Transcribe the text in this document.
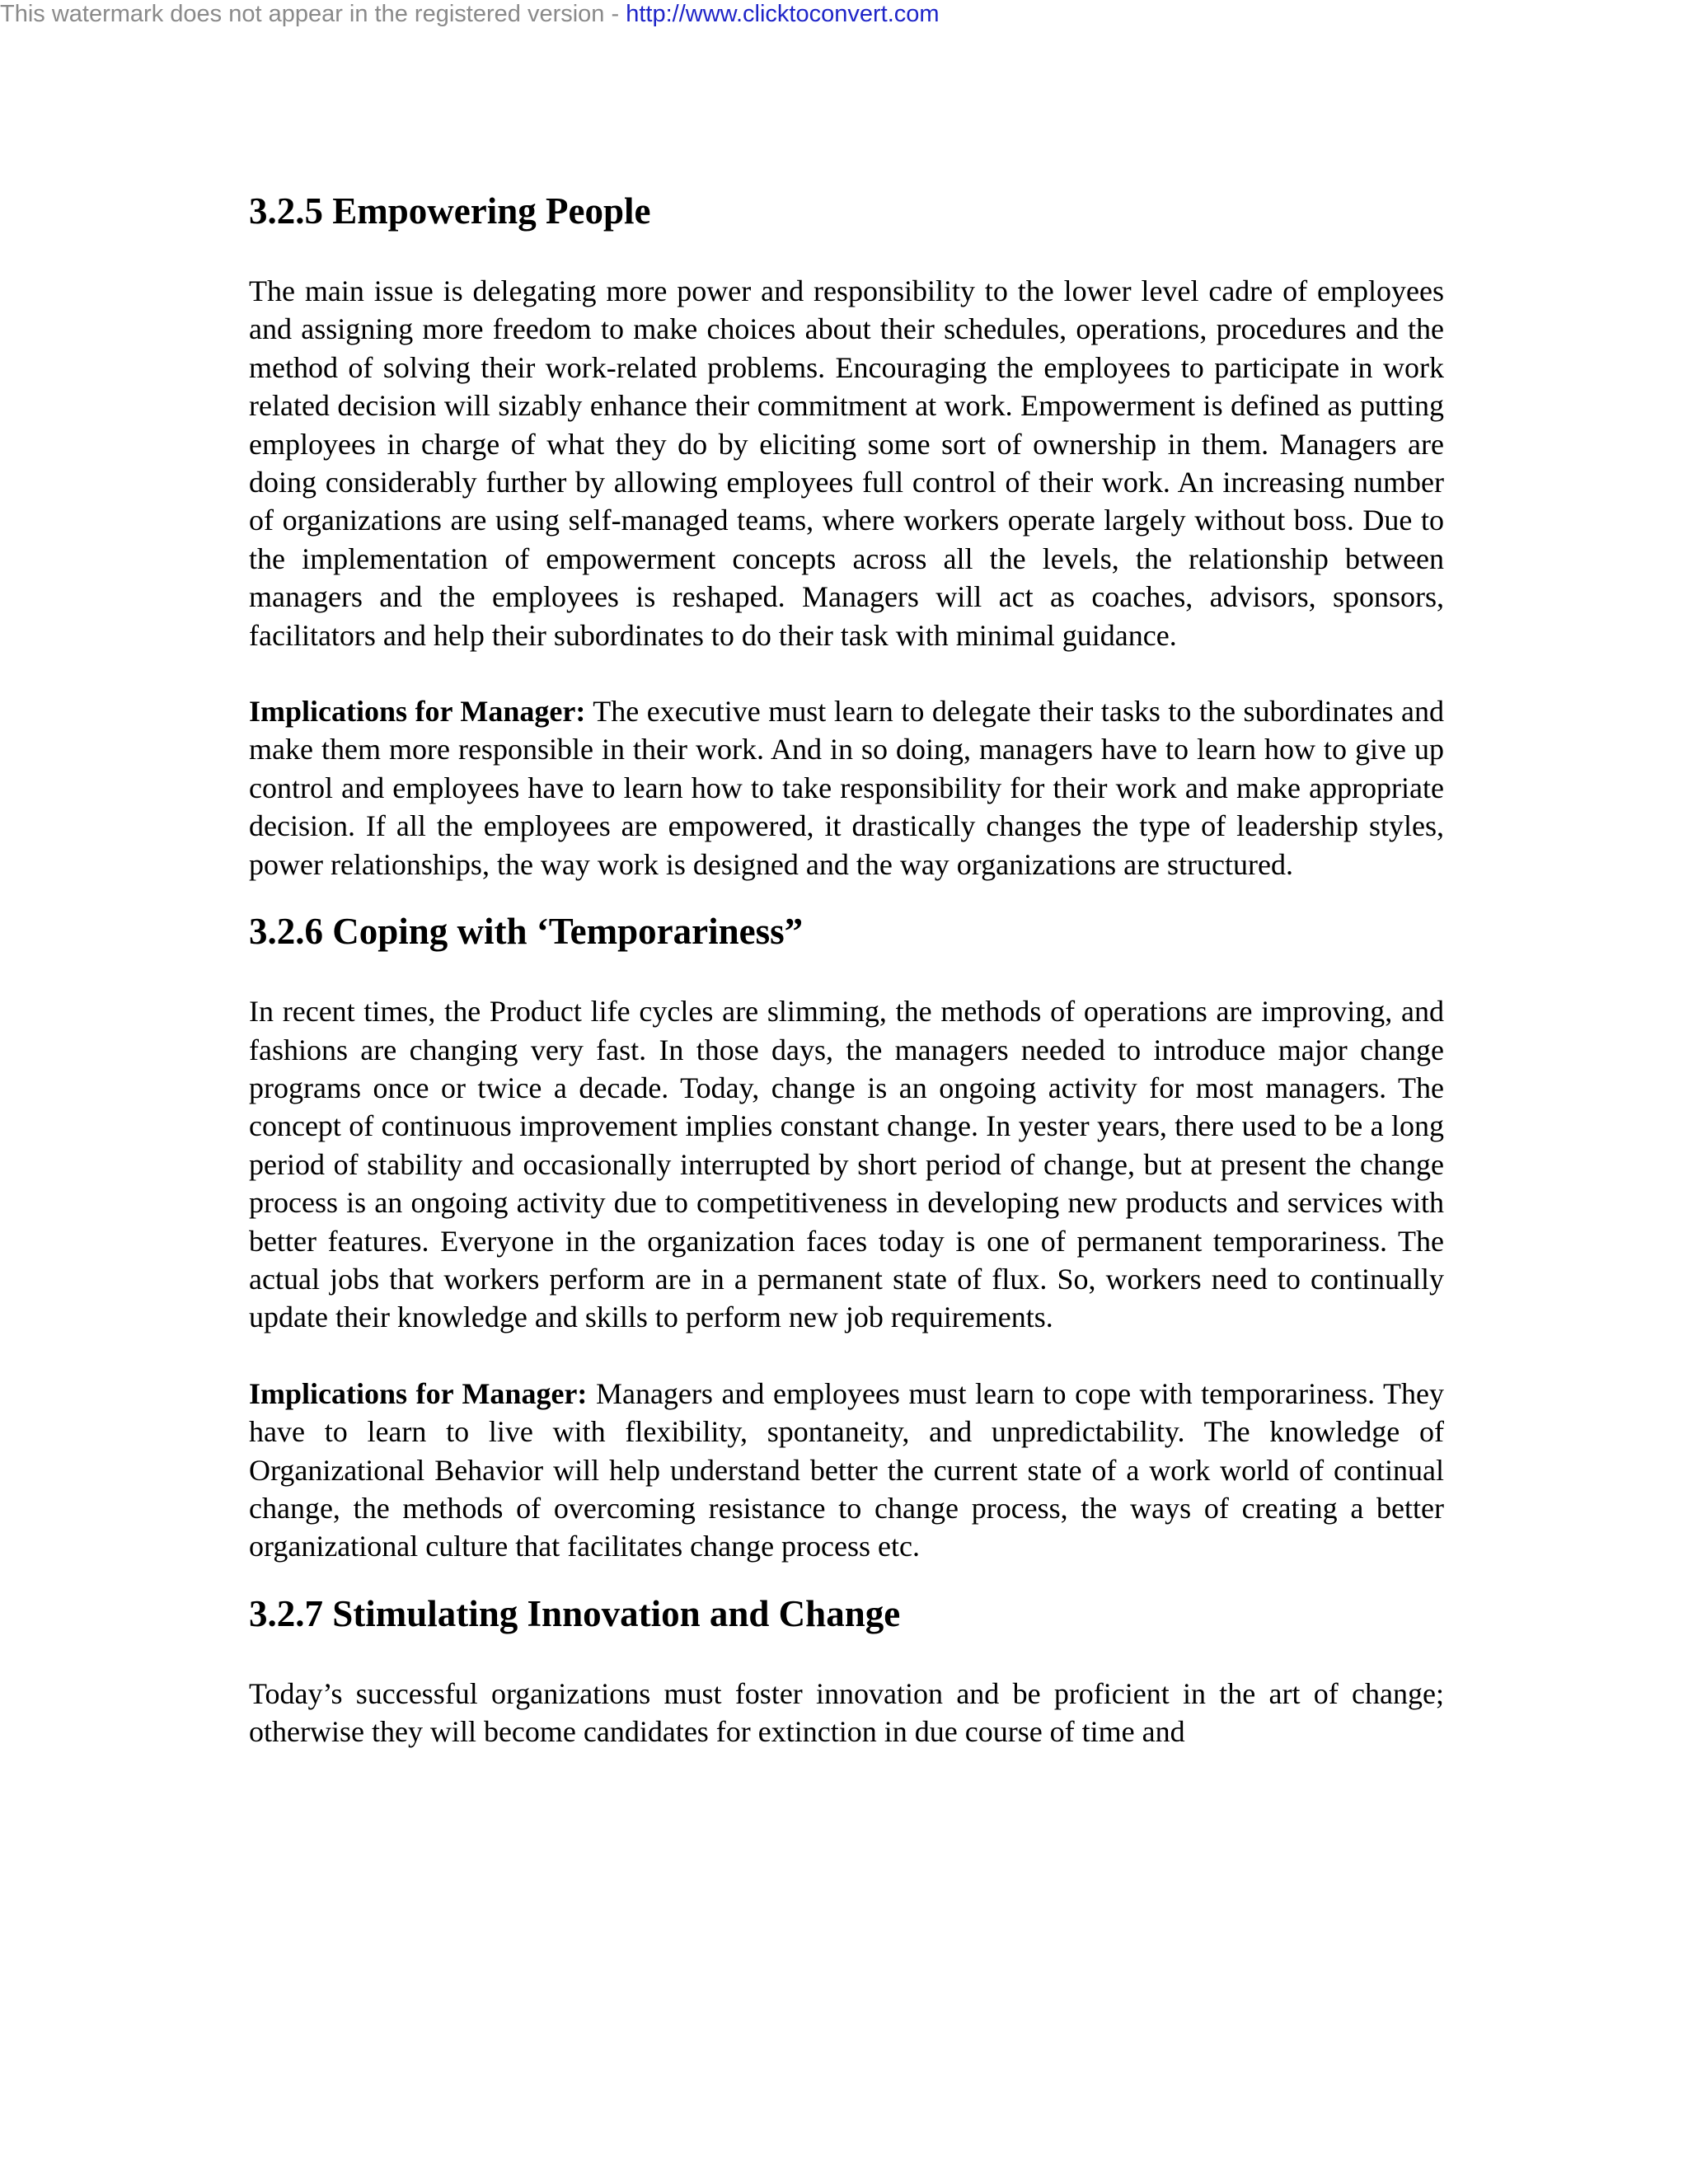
This watermark does not appear in the registered version - http://www.clicktoconvert.com
3.2.5 Empowering People

The main issue is delegating more power and responsibility to the lower level cadre of employees and assigning more freedom to make choices about their schedules, operations, procedures and the method of solving their work-related problems. Encouraging the employees to participate in work related decision will sizably enhance their commitment at work. Empowerment is defined as putting employees in charge of what they do by eliciting some sort of ownership in them. Managers are doing considerably further by allowing employees full control of their work. An increasing number of organizations are using self-managed teams, where workers operate largely without boss. Due to the implementation of empowerment concepts across all the levels, the relationship between managers and the employees is reshaped. Managers will act as coaches, advisors, sponsors, facilitators and help their subordinates to do their task with minimal guidance.

Implications for Manager: The executive must learn to delegate their tasks to the subordinates and make them more responsible in their work. And in so doing, managers have to learn how to give up control and employees have to learn how to take responsibility for their work and make appropriate decision. If all the employees are empowered, it drastically changes the type of leadership styles, power relationships, the way work is designed and the way organizations are structured.

3.2.6 Coping with ‘Temporariness”

In recent times, the Product life cycles are slimming, the methods of operations are improving, and fashions are changing very fast. In those days, the managers needed to introduce major change programs once or twice a decade. Today, change is an ongoing activity for most managers. The concept of continuous improvement implies constant change. In yester years, there used to be a long period of stability and occasionally interrupted by short period of change, but at present the change process is an ongoing activity due to competitiveness in developing new products and services with better features. Everyone in the organization faces today is one of permanent temporariness. The actual jobs that workers perform are in a permanent state of flux. So, workers need to continually update their knowledge and skills to perform new job requirements.

Implications for Manager: Managers and employees must learn to cope with temporariness. They have to learn to live with flexibility, spontaneity, and unpredictability. The knowledge of Organizational Behavior will help understand better the current state of a work world of continual change, the methods of overcoming resistance to change process, the ways of creating a better organizational culture that facilitates change process etc.

3.2.7 Stimulating Innovation and Change

Today’s successful organizations must foster innovation and be proficient in the art of change; otherwise they will become candidates for extinction in due course of time and
